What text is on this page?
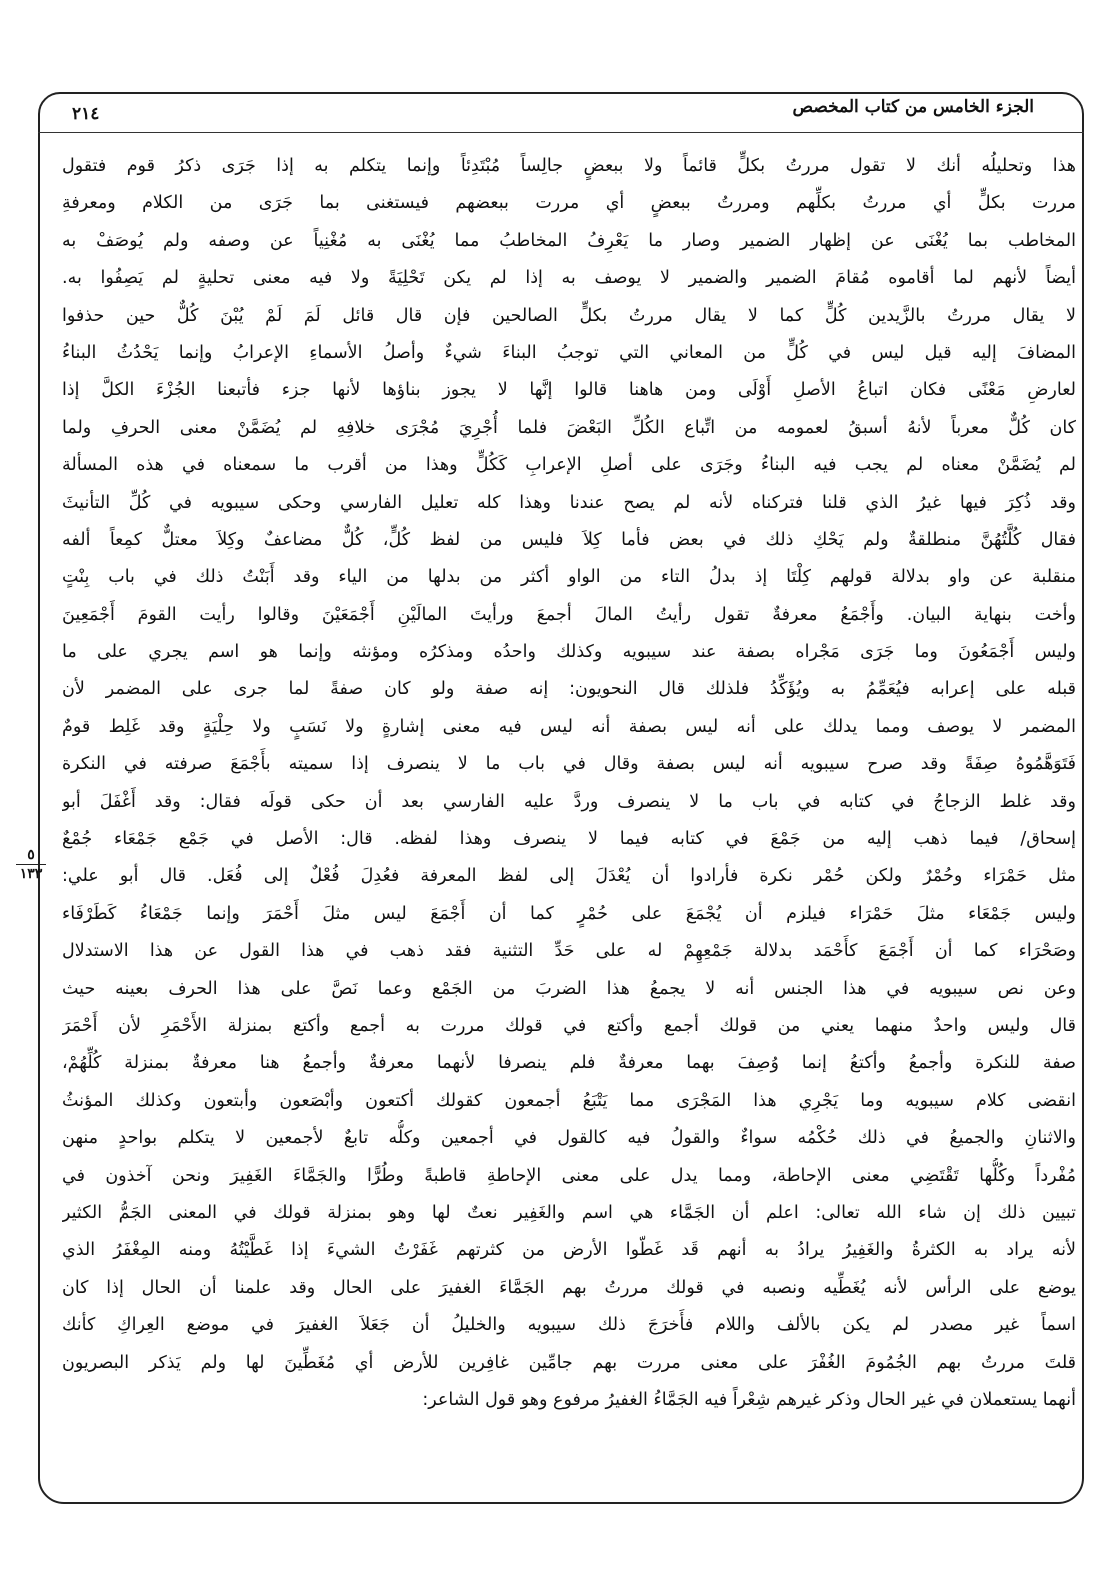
الجزء الخامس من كتاب المخصص
٢١٤
٥
١٣٣
هذا وتحليلُه أنك لا تقول مررتُ بكلٍّ قائماً ولا ببعضٍ جالِساً مُبْتَدِئاً وإنما يتكلم به إذا جَرَى ذكرُ قوم فتقول
مررت بكلٍّ أي مررتُ بكلِّهم ومررتُ ببعضٍ أي مررت ببعضهم فيستغنى بما جَرَى من الكلام ومعرفةِ
المخاطب بما يُغْنَى عن إظهار الضمير وصار ما يَعْرِفُ المخاطبُ مما يُغْنَى به مُغْنِياً عن وصفه ولم يُوصَفْ به
أيضاً لأنهم لما أقاموه مُقامَ الضمير والضمير لا يوصف به إذا لم يكن تَحْلِيَةً ولا فيه معنى تحليةٍ لم يَصِفُوا به.
لا يقال مررتُ بالزَّيدين كُلٍّ كما لا يقال مررتُ بكلٍّ الصالحين فإن قال قائل لَمَ لَمْ يُبْنَ كُلٌّ حين حذفوا
المضافَ إليه قيل ليس في كُلٍّ من المعاني التي توجبُ البناءَ شيءٌ وأصلُ الأسماءِ الإعرابُ وإنما يَحْدُثُ البناءُ
لعارضِ مَعْنًى فكان اتباعُ الأصلِ أَوْلَى ومن هاهنا قالوا إنَّها لا يجوز بناؤها لأنها جزء فأتبعنا الجُزْءَ الكلَّ إذا
كان كُلٌّ معرباً لأنهُ أسبقُ لعمومه من اتِّباع الكُلِّ البَعْضَ فلما أُجْرِيَ مُجْرَى خلافِهِ لم يُضَمَّنْ معنى الحرفِ ولما
لم يُضَمَّنْ معناه لم يجب فيه البناءُ وجَرَى على أصلِ الإعرابِ كَكُلٍّ وهذا من أقرب ما سمعناه في هذه المسألة
وقد ذُكِرَ فيها غيرُ الذي قلنا فتركناه لأنه لم يصح عندنا وهذا كله تعليل الفارسي وحكى سيبويه في كُلِّ التأنيثَ
فقال كُلَّتُهُنَّ منطلقةٌ ولم يَحْكِ ذلك في بعض فأما كِلاَ فليس من لفظ كُلٍّ، كُلٌّ مضاعفٌ وكِلاَ معتلٌّ كمِعاً ألفه
منقلبة عن واو بدلالة قولهم كِلْتَا إذ بدلُ التاء من الواو أكثر من بدلها من الياء وقد أَبَنْتُ ذلك في باب بِنْتٍ
وأخت بنهاية البيان. وأَجْمَعُ معرفةٌ تقول رأيتُ المالَ أجمعَ ورأيتَ المالَيْنِ أَجْمَعَيْنَ وقالوا رأيت القومَ أَجْمَعِينَ
وليس أَجْمَعُونَ وما جَرَى مَجْراه بصفة عند سيبويه وكذلك واحدُه ومذكرُه ومؤنثه وإنما هو اسم يجري على ما
قبله على إعرابه فيُعَمِّمُ به ويُؤَكِّدُ فلذلك قال النحويون: إنه صفة ولو كان صفةً لما جرى على المضمر لأن
المضمر لا يوصف ومما يدلك على أنه ليس بصفة أنه ليس فيه معنى إشارةٍ ولا نَسَبٍ ولا حِلْيَةٍ وقد غَلِط قومٌ
فَتَوَهَّمُوهُ صِفَةً وقد صرح سيبويه أنه ليس بصفة وقال في باب ما لا ينصرف إذا سميته بأَجْمَعَ صرفته في النكرة
وقد غلط الزجاجُ في كتابه في باب ما لا ينصرف وردَّ عليه الفارسي بعد أن حكى قولَه فقال: وقد أَغْفَلَ أبو
إسحاق/ فيما ذهب إليه من جَمْعَ في كتابه فيما لا ينصرف وهذا لفظه. قال: الأصل في جَمْع جَمْعَاء جُمْعٌ
مثل حَمْرَاء وحُمْرٌ ولكن حُمْر نكرة فأرادوا أن يُعْدَلَ إلى لفظ المعرفة فعُدِلَ فُعْلٌ إلى فُعَل. قال أبو علي:
وليس جَمْعَاء مثلَ حَمْرَاء فيلزم أن يُجْمَعَ على حُمْرٍ كما أن أَجْمَعَ ليس مثلَ أَحْمَرَ وإنما جَمْعَاءُ كَطَرْفَاء
وصَحْرَاء كما أن أَجْمَعَ كأَحْمَد بدلالة جَمْعِهِمْ له على حَدِّ التثنية فقد ذهب في هذا القول عن هذا الاستدلال
وعن نص سيبويه في هذا الجنس أنه لا يجمعُ هذا الضربَ من الجَمْع وعما نَصَّ على هذا الحرف بعينه حيث
قال وليس واحدٌ منهما يعني من قولك أجمع وأكتع في قولك مررت به أجمع وأكتع بمنزلة الأَحْمَرِ لأن أَحْمَرَ
صفة للنكرة وأجمعُ وأكتعُ إنما وُصِفَ بهما معرفةٌ فلم ينصرفا لأنهما معرفةٌ وأجمعُ هنا معرفةٌ بمنزلة كُلِّهُمْ،
انقضى كلام سيبويه وما يَجْرِي هذا المَجْرَى مما يَتْبَعُ أجمعون كقولك أكتعون وأبْصَعون وأبتعون وكذلك المؤنثُ
والاثنانِ والجميعُ في ذلك حُكْمُه سواءٌ والقولُ فيه كالقول في أجمعين وكلُّه تابعٌ لأجمعين لا يتكلم بواحدٍ منهن
مُفْرداً وكُلُّها تَقْتَضِي معنى الإحاطة، ومما يدل على معنى الإحاطةِ قاطبةً وطُرًّا والجَمَّاءَ الغَفِيرَ ونحن آخذون في
تبيين ذلك إن شاء الله تعالى: اعلم أن الجَمَّاء هي اسم والغَفِير نعتٌ لها وهو بمنزلة قولك في المعنى الجَمُّ الكثير
لأنه يراد به الكثرةُ والغَفِيرُ يرادُ به أنهم قَد غَطّوا الأرض من كثرتهم غَفَرْتُ الشيءَ إذا غَطَّيْتُهُ ومنه المِغْفَرُ الذي
يوضع على الرأس لأنه يُغَطِّيه ونصبه في قولك مررتُ بهم الجَمَّاءَ الغفيرَ على الحال وقد علمنا أن الحال إذا كان
اسماً غير مصدر لم يكن بالألف واللام فأَخرَجَ ذلك سيبويه والخليلُ أن جَعَلاَ الغفيرَ في موضع العِراكِ كأنك
قلتَ مررتُ بهم الجُمُومَ الغُفْرَ على معنى مررت بهم جامِّين غافِرين للأرض أي مُغَطِّينَ لها ولم يَذكر البصريون
أنهما يستعملان في غير الحال وذكر غيرهم شِعْراً فيه الجَمَّاءُ الغفيرُ مرفوع وهو قول الشاعر:
